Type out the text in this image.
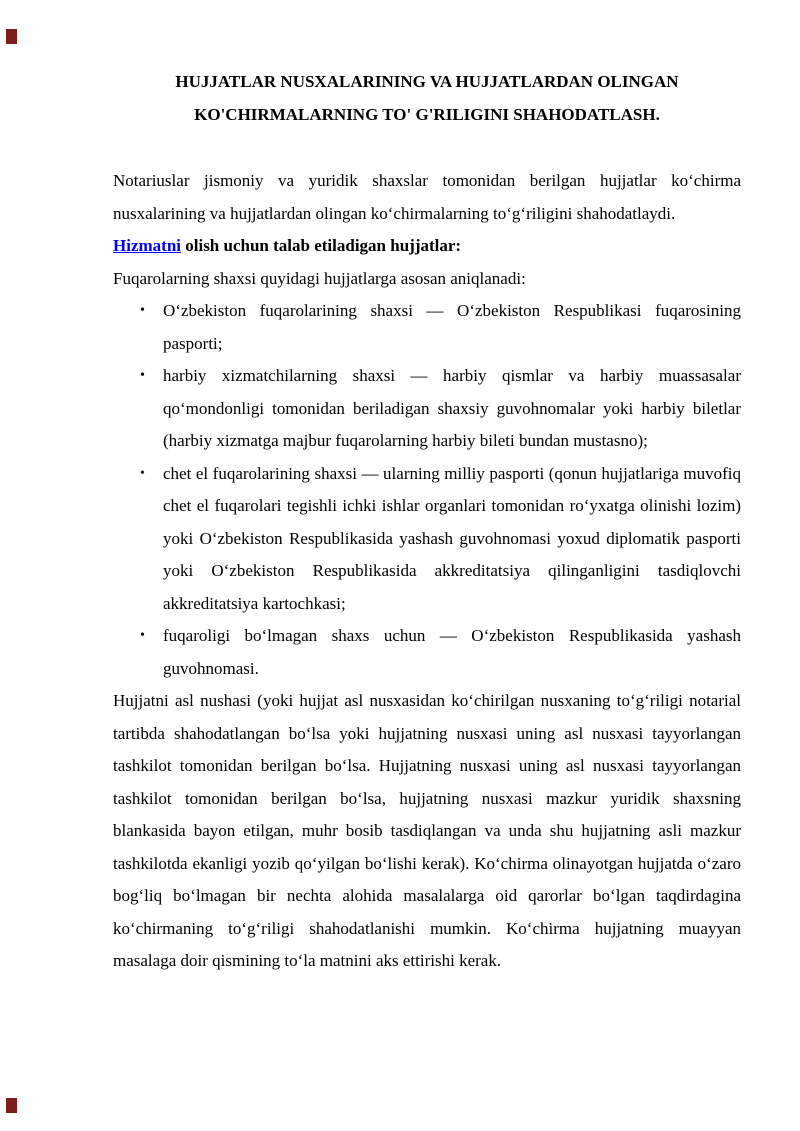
HUJJATLAR NUSXALARINING VA HUJJATLARDAN OLINGAN KO'CHIRMALARNING TO' G'RILIGINI SHAHODATLASH.

Notariuslar jismoniy va yuridik shaxslar tomonidan berilgan hujjatlar ko‘chirma nusxalarining va hujjatlardan olingan ko‘chirmalarning to‘g‘riligini shahodatlaydi.

Hizmatni olish uchun talab etiladigan hujjatlar:

Fuqarolarning shaxsi quyidagi hujjatlarga asosan aniqlanadi:

• O‘zbekiston fuqarolarining shaxsi — O‘zbekiston Respublikasi fuqarosining pasporti;
• harbiy xizmatchilarning shaxsi — harbiy qismlar va harbiy muassasalar qo‘mondonligi tomonidan beriladigan shaxsiy guvohnomalar yoki harbiy biletlar (harbiy xizmatga majbur fuqarolarning harbiy bileti bundan mustasno);
• chet el fuqarolarining shaxsi — ularning milliy pasporti (qonun hujjatlariga muvofiq chet el fuqarolari tegishli ichki ishlar organlari tomonidan ro‘yxatga olinishi lozim) yoki O‘zbekiston Respublikasida yashash guvohnomasi yoxud diplomatik pasporti yoki O‘zbekiston Respublikasida akkreditatsiya qilinganligini tasdiqlovchi akkreditatsiya kartochkasi;
• fuqaroligi bo‘lmagan shaxs uchun — O‘zbekiston Respublikasida yashash guvohnomasi.

Hujjatni asl nushasi (yoki hujjat asl nusxasidan ko‘chirilgan nusxaning to‘g‘riligi notarial tartibda shahodatlangan bo‘lsa yoki hujjatning nusxasi uning asl nusxasi tayyorlangan tashkilot tomonidan berilgan bo‘lsa. Hujjatning nusxasi uning asl nusxasi tayyorlangan tashkilot tomonidan berilgan bo‘lsa, hujjatning nusxasi mazkur yuridik shaxsning blankasida bayon etilgan, muhr bosib tasdiqlangan va unda shu hujjatning asli mazkur tashkilotda ekanligi yozib qo‘yilgan bo‘lishi kerak). Ko‘chirma olinayotgan hujjatda o‘zaro bog‘liq bo‘lmagan bir nechta alohida masalalarga oid qarorlar bo‘lgan taqdirdagina ko‘chirmaning to‘g‘riligi shahodatlanishi mumkin. Ko‘chirma hujjatning muayyan masalaga doir qismining to‘la matnini aks ettirishi kerak.
